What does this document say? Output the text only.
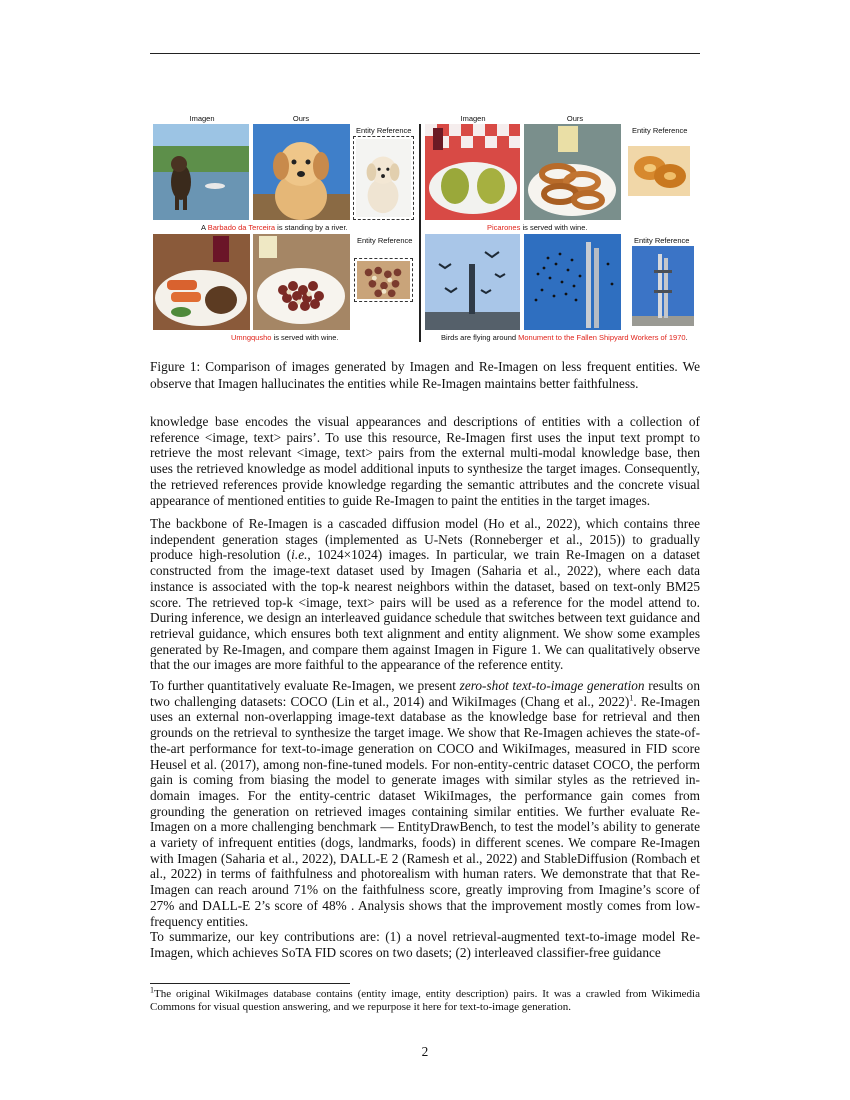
Imagen	Ours
Entity Reference
Imagen	Ours
Entity Reference
A Barbado da Terceira is standing by a river.	Picarones is served with wine.
Entity Reference	Entity Reference
Umngqusho is served with wine.	Birds are flying around Monument to the Fallen Shipyard Workers of 1970.
Figure 1: Comparison of images generated by Imagen and Re-Imagen on less frequent entities. We observe that Imagen hallucinates the entities while Re-Imagen maintains better faithfulness.

knowledge base encodes the visual appearances and descriptions of entities with a collection of reference <image, text> pairs’. To use this resource, Re-Imagen first uses the input text prompt to retrieve the most relevant <image, text> pairs from the external multi-modal knowledge base, then uses the retrieved knowledge as model additional inputs to synthesize the target images. Consequently, the retrieved references provide knowledge regarding the semantic attributes and the concrete visual appearance of mentioned entities to guide Re-Imagen to paint the entities in the target images.

The backbone of Re-Imagen is a cascaded diffusion model (Ho et al., 2022), which contains three independent generation stages (implemented as U-Nets (Ronneberger et al., 2015)) to gradually produce high-resolution (i.e., 1024×1024) images. In particular, we train Re-Imagen on a dataset constructed from the image-text dataset used by Imagen (Saharia et al., 2022), where each data instance is associated with the top-k nearest neighbors within the dataset, based on text-only BM25 score. The retrieved top-k <image, text> pairs will be used as a reference for the model attend to. During inference, we design an interleaved guidance schedule that switches between text guidance and retrieval guidance, which ensures both text alignment and entity alignment. We show some examples generated by Re-Imagen, and compare them against Imagen in Figure 1. We can qualitatively observe that the our images are more faithful to the appearance of the reference entity.

To further quantitatively evaluate Re-Imagen, we present zero-shot text-to-image generation results on two challenging datasets: COCO (Lin et al., 2014) and WikiImages (Chang et al., 2022)$^1$. Re-Imagen uses an external non-overlapping image-text database as the knowledge base for retrieval and then grounds on the retrieval to synthesize the target image. We show that Re-Imagen achieves the state-of-the-art performance for text-to-image generation on COCO and WikiImages, measured in FID score Heusel et al. (2017), among non-fine-tuned models. For non-entity-centric dataset COCO, the perform gain is coming from biasing the model to generate images with similar styles as the retrieved in-domain images. For the entity-centric dataset WikiImages, the performance gain comes from grounding the generation on retrieved images containing similar entities. We further evaluate Re-Imagen on a more challenging benchmark — EntityDrawBench, to test the model’s ability to generate a variety of infrequent entities (dogs, landmarks, foods) in different scenes. We compare Re-Imagen with Imagen (Saharia et al., 2022), DALL-E 2 (Ramesh et al., 2022) and StableDiffusion (Rombach et al., 2022) in terms of faithfulness and photorealism with human raters. We demonstrate that that Re-Imagen can reach around 71% on the faithfulness score, greatly improving from Imagine’s score of 27% and DALL-E 2’s score of 48% . Analysis shows that the improvement mostly comes from low-frequency entities.

To summarize, our key contributions are: (1) a novel retrieval-augmented text-to-image model Re-Imagen, which achieves SoTA FID scores on two dasets; (2) interleaved classifier-free guidance

$^1$The original WikiImages database contains (entity image, entity description) pairs. It was a crawled from Wikimedia Commons for visual question answering, and we repurpose it here for text-to-image generation.
2
